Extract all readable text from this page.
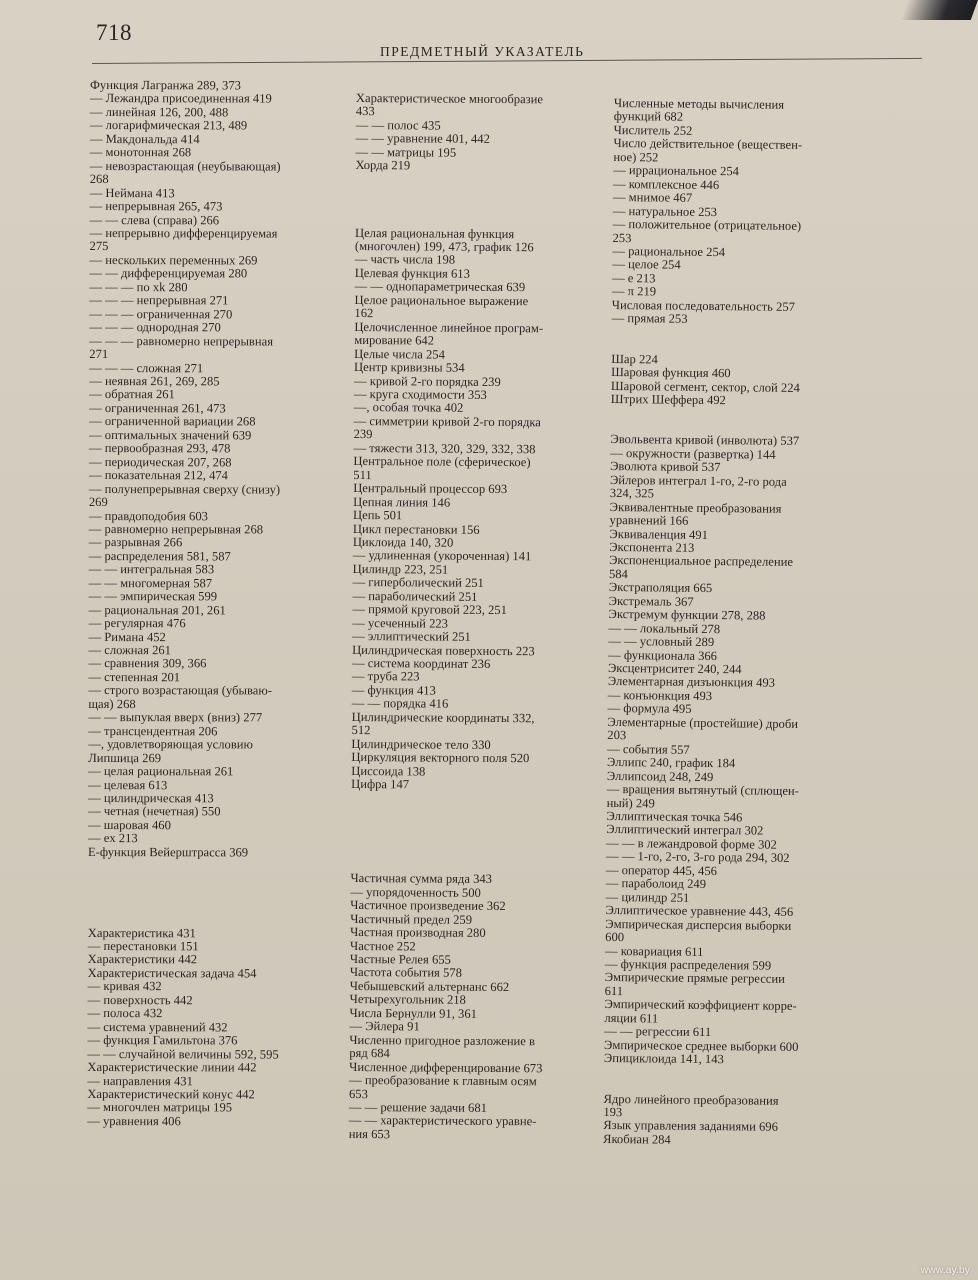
718
ПРЕДМЕТНЫЙ УКАЗАТЕЛЬ
Функция Лагранжа 289, 373
— Лежандра присоединенная 419
— линейная 126, 200, 488
— логарифмическая 213, 489
— Макдональда 414
— монотонная 268
— невозрастающая (неубывающая)
268
— Неймана 413
— непрерывная 265, 473
— — слева (справа) 266
— непрерывно дифференцируемая
275
— нескольких переменных 269
— — дифференцируемая 280
— — — по xk 280
— — — непрерывная 271
— — — ограниченная 270
— — — однородная 270
— — — равномерно непрерывная
271
— — — сложная 271
— неявная 261, 269, 285
— обратная 261
— ограниченная 261, 473
— ограниченной вариации 268
— оптимальных значений 639
— первообразная 293, 478
— периодическая 207, 268
— показательная 212, 474
— полунепрерывная сверху (снизу)
269
— правдоподобия 603
— равномерно непрерывная 268
— разрывная 266
— распределения 581, 587
— — интегральная 583
— — многомерная 587
— — эмпирическая 599
— рациональная 201, 261
— регулярная 476
— Римана 452
— сложная 261
— сравнения 309, 366
— степенная 201
— строго возрастающая (убываю-
щая) 268
— — выпуклая вверх (вниз) 277
— трансцендентная 206
—, удовлетворяющая условию
Липшица 269
— целая рациональная 261
— целевая 613
— цилиндрическая 413
— четная (нечетная) 550
— шаровая 460
— ex 213
E-функция Вейерштрасса 369

Характеристика 431
— перестановки 151
Характеристики 442
Характеристическая задача 454
— кривая 432
— поверхность 442
— полоса 432
— система уравнений 432
— функция Гамильтона 376
— — случайной величины 592, 595
Характеристические линии 442
— направления 431
Характеристический конус 442
— многочлен матрицы 195
— уравнения 406
Характеристическое многообразие
433
— — полос 435
— — уравнение 401, 442
— — матрицы 195
Хорда 219

Целая рациональная функция
(многочлен) 199, 473, график 126
— часть числа 198
Целевая функция 613
— — однопараметрическая 639
Целое рациональное выражение
162
Целочисленное линейное програм-
мирование 642
Целые числа 254
Центр кривизны 534
— кривой 2-го порядка 239
— круга сходимости 353
—, особая точка 402
— симметрии кривой 2-го порядка
239
— тяжести 313, 320, 329, 332, 338
Центральное поле (сферическое)
511
Центральный процессор 693
Цепная линия 146
Цепь 501
Цикл перестановки 156
Циклоида 140, 320
— удлиненная (укороченная) 141
Цилиндр 223, 251
— гиперболический 251
— параболический 251
— прямой круговой 223, 251
— усеченный 223
— эллиптический 251
Цилиндрическая поверхность 223
— система координат 236
— труба 223
— функция 413
— — порядка 416
Цилиндрические координаты 332,
512
Цилиндрическое тело 330
Циркуляция векторного поля 520
Циссоида 138
Цифра 147

Частичная сумма ряда 343
— упорядоченность 500
Частичное произведение 362
Частичный предел 259
Частная производная 280
Частное 252
Частные Релея 655
Частота события 578
Чебышевский альтернанс 662
Четырехугольник 218
Числа Бернулли 91, 361
— Эйлера 91
Численно пригодное разложение в
ряд 684
Численное дифференцирование 673
— преобразование к главным осям
653
— — решение задачи 681
— — характеристического уравне-
ния 653
Численные методы вычисления
функций 682
Числитель 252
Число действительное (веществен-
ное) 252
— иррациональное 254
— комплексное 446
— мнимое 467
— натуральное 253
— положительное (отрицательное)
253
— рациональное 254
— целое 254
— e 213
— π 219
Числовая последовательность 257
— прямая 253

Шар 224
Шаровая функция 460
Шаровой сегмент, сектор, слой 224
Штрих Шеффера 492

Эвольвента кривой (инволюта) 537
— окружности (развертка) 144
Эволюта кривой 537
Эйлеров интеграл 1-го, 2-го рода
324, 325
Эквивалентные преобразования
уравнений 166
Эквиваленция 491
Экспонента 213
Экспоненциальное распределение
584
Экстраполяция 665
Экстремаль 367
Экстремум функции 278, 288
— — локальный 278
— — условный 289
— функционала 366
Эксцентриситет 240, 244
Элементарная дизъюнкция 493
— конъюнкция 493
— формула 495
Элементарные (простейшие) дроби
203
— события 557
Эллипс 240, график 184
Эллипсоид 248, 249
— вращения вытянутый (сплющен-
ный) 249
Эллиптическая точка 546
Эллиптический интеграл 302
— — в лежандровой форме 302
— — 1-го, 2-го, 3-го рода 294, 302
— оператор 445, 456
— параболоид 249
— цилиндр 251
Эллиптическое уравнение 443, 456
Эмпирическая дисперсия выборки
600
— ковариация 611
— функция распределения 599
Эмпирические прямые регрессии
611
Эмпирический коэффициент корре-
ляции 611
— — регрессии 611
Эмпирическое среднее выборки 600
Эпициклоида 141, 143

Ядро линейного преобразования
193
Язык управления заданиями 696
Якобиан 284
www.ay.by
